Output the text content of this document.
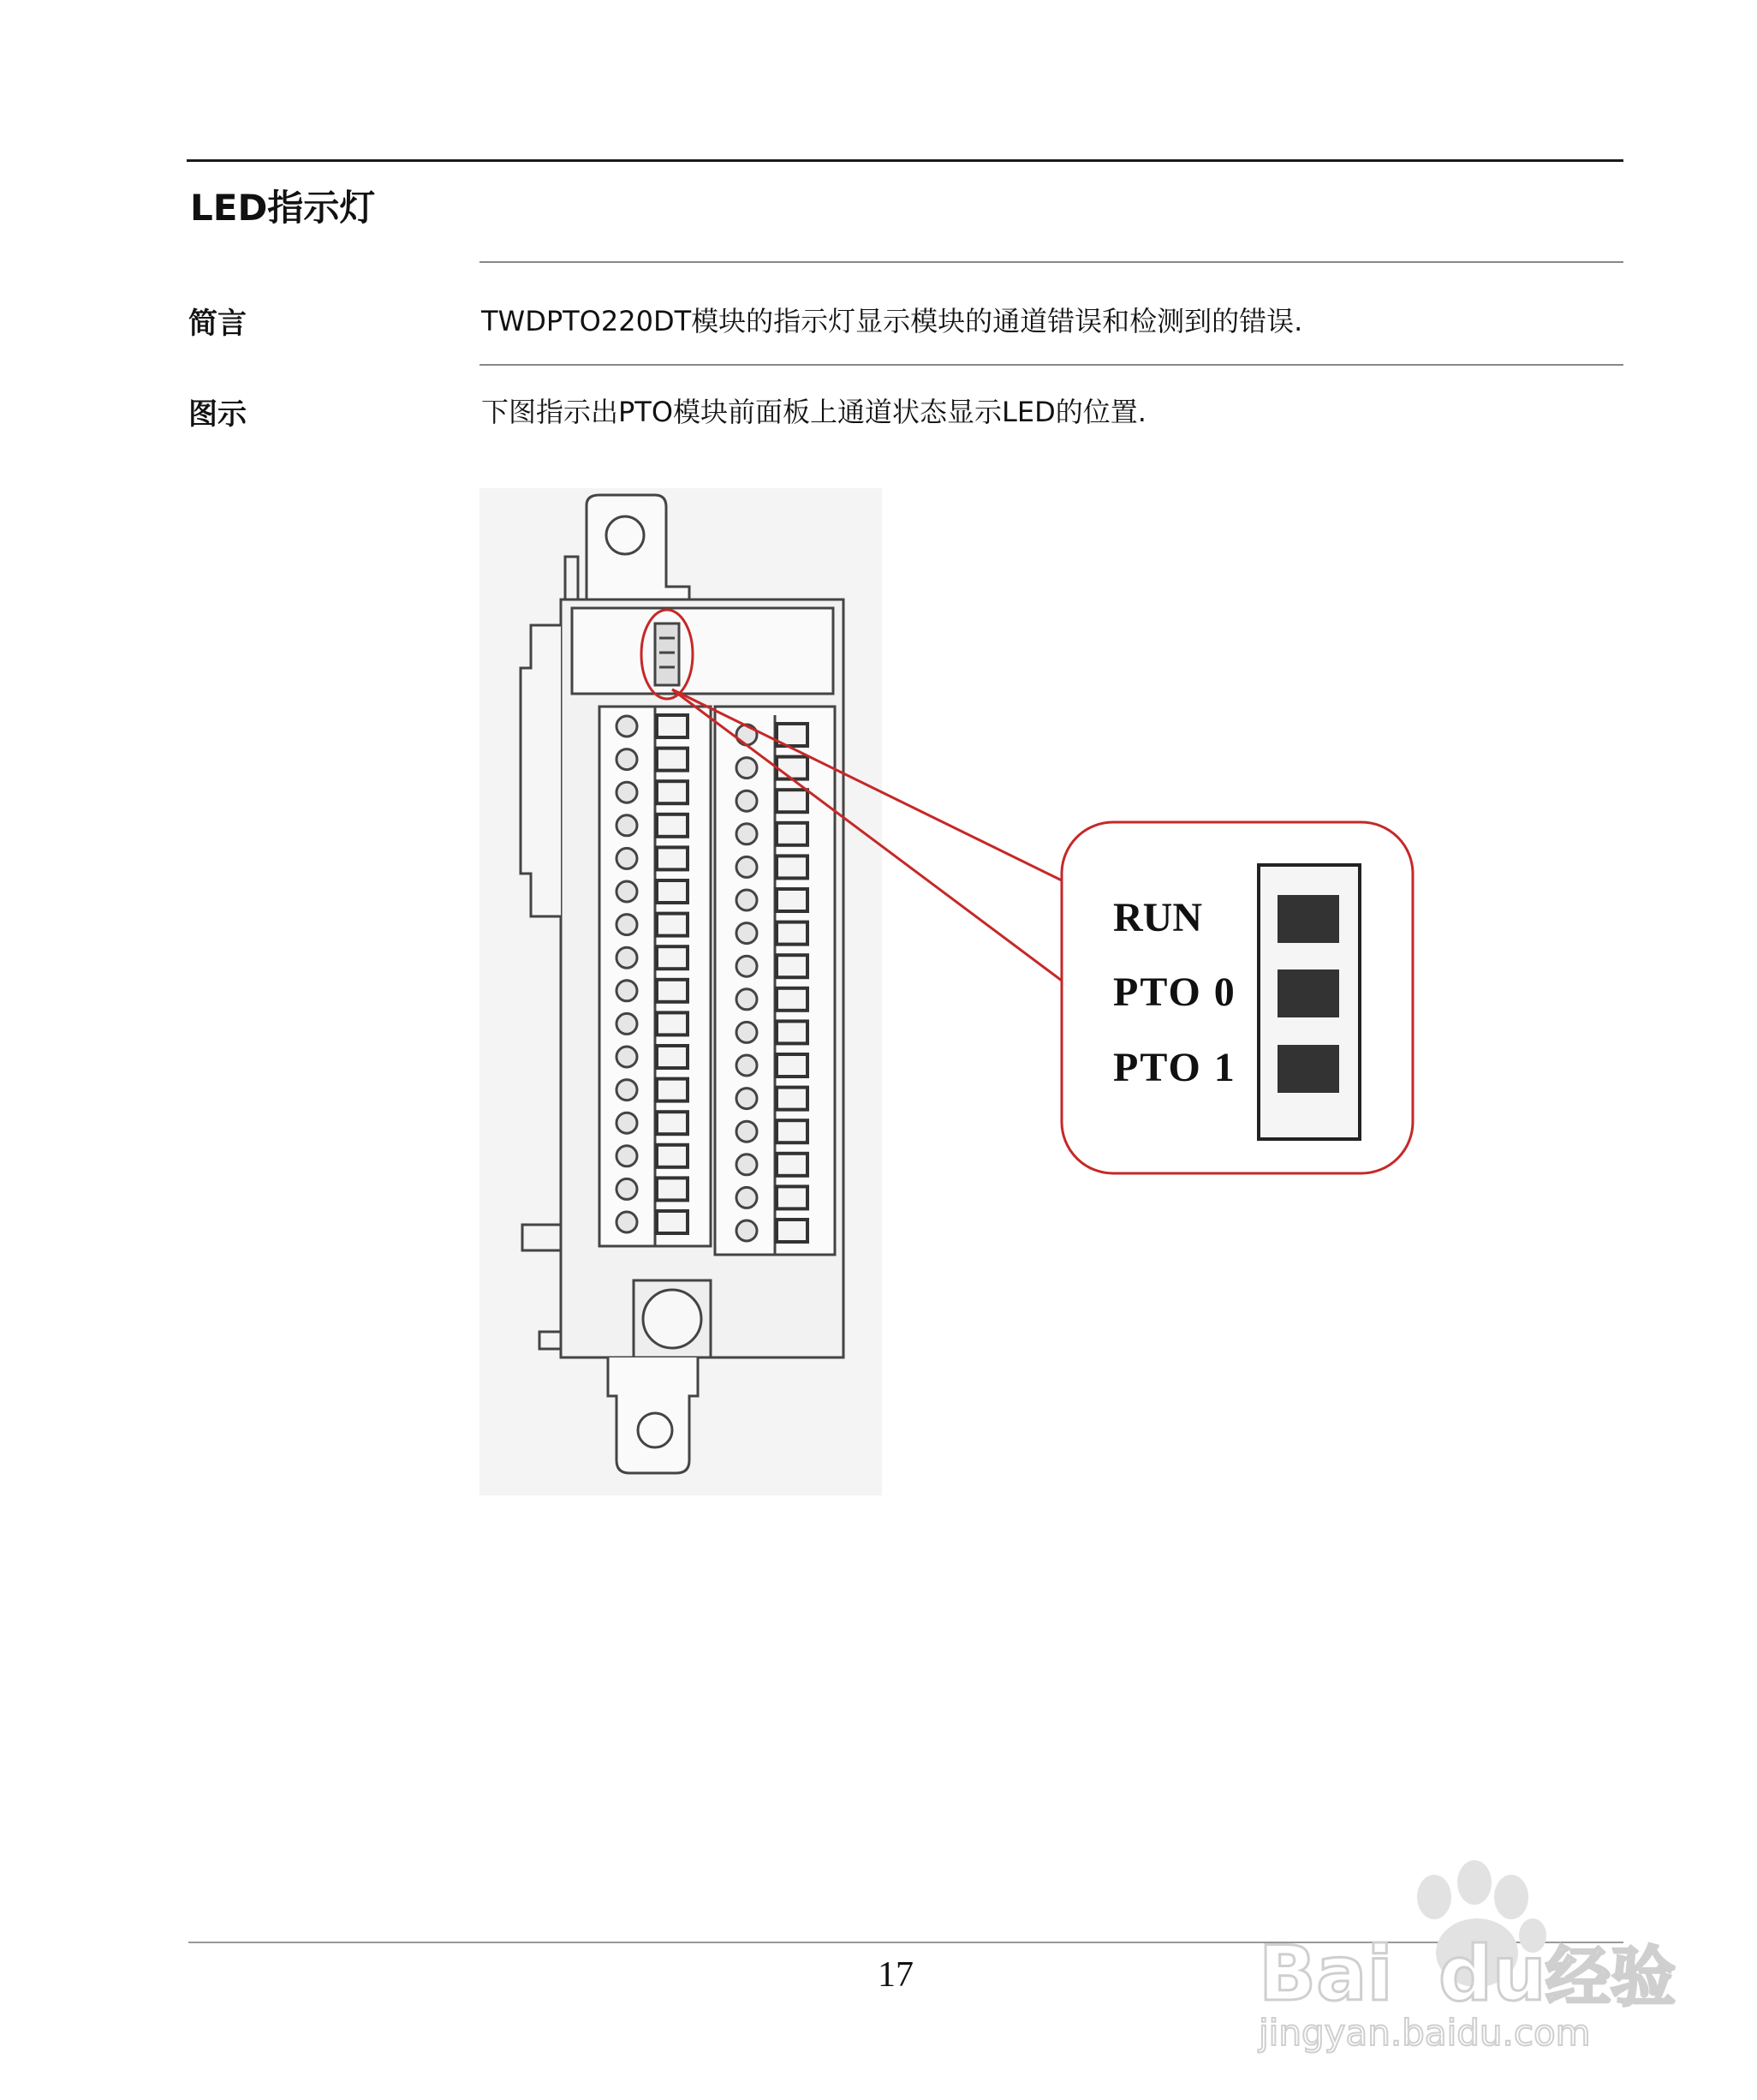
LED指示灯
简言	TWDPTO220DT模块的指示灯显示模块的通道错误和检测到的错误.
图示	下图指示出PTO模块前面板上通道状态显示LED的位置.
RUN
PTO 0
PTO 1
17	Bai du 经验
jingyan.baidu.com
